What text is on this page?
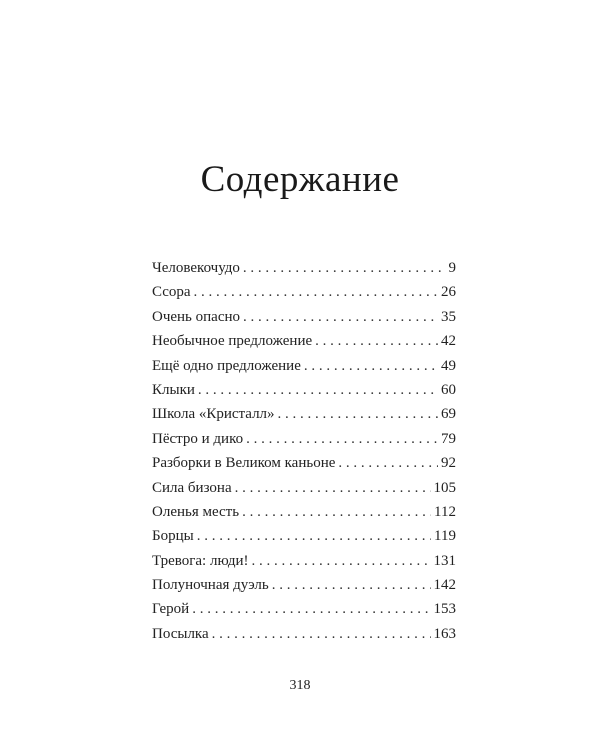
Содержание
Человекочудо . . .	9
Ссора . . .	26
Очень опасно . . .	35
Необычное предложение . . .	42
Ещё одно предложение . . .	49
Клыки . . .	60
Школа «Кристалл» . . .	69
Пёстро и дико . . .	79
Разборки в Великом каньоне . . .	92
Сила бизона . . .	105
Оленья месть . . .	112
Борцы . . .	119
Тревога: люди! . . .	131
Полуночная дуэль . . .	142
Герой . . .	153
Посылка . . .	163
318
